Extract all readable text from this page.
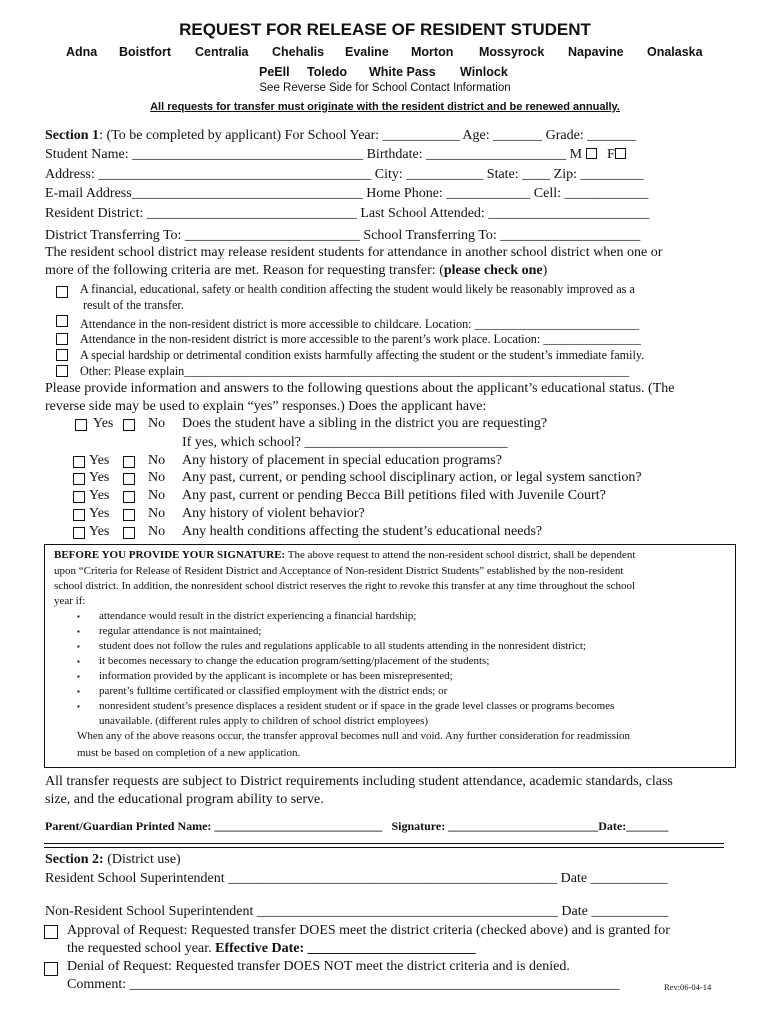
REQUEST FOR RELEASE OF RESIDENT STUDENT
Adna Boistfort Centralia Chehalis Evaline Morton Mossyrock Napavine Onalaska
PeEll Toledo White Pass Winlock
See Reverse Side for School Contact Information
All requests for transfer must originate with the resident district and be renewed annually.
Section 1: (To be completed by applicant) For School Year: ___________ Age: _______ Grade: _______
Student Name: _________________________________ Birthdate: ____________________ M F
Address: _______________________________________ City: ___________ State: ____ Zip: _________
E-mail Address_________________________________ Home Phone: ____________ Cell: ____________
Resident District: ______________________________ Last School Attended: _______________________
District Transferring To: _________________________ School Transferring To: ____________________
The resident school district may release resident students for attendance in another school district when one or
more of the following criteria are met. Reason for requesting transfer: (please check one)
A financial, educational, safety or health condition affecting the student would likely be reasonably improved as a
result of the transfer.
Attendance in the non-resident district is more accessible to childcare. Location: ___________________________
Attendance in the non-resident district is more accessible to the parent’s work place. Location: ________________
A special hardship or detrimental condition exists harmfully affecting the student or the student’s immediate family.
Other: Please explain_________________________________________________________________________
Please provide information and answers to the following questions about the applicant’s educational status. (The
reverse side may be used to explain “yes” responses.) Does the applicant have:
Yes No Does the student have a sibling in the district you are requesting?
If yes, which school? _____________________________
Yes	No Any history of placement in special education programs?
Yes	No Any past, current, or pending school disciplinary action, or legal system sanction?
Yes	No Any past, current or pending Becca Bill petitions filed with Juvenile Court?
Yes	No Any history of violent behavior?
Yes	No Any health conditions affecting the student’s educational needs?
BEFORE YOU PROVIDE YOUR SIGNATURE: The above request to attend the non-resident school district, shall be dependent
upon “Criteria for Release of Resident District and Acceptance of Non-resident District Students” established by the non-resident
school district. In addition, the nonresident school district reserves the right to revoke this transfer at any time throughout the school
year if:
▪ attendance would result in the district experiencing a financial hardship;
▪ regular attendance is not maintained;
▪ student does not follow the rules and regulations applicable to all students attending in the nonresident district;
▪ it becomes necessary to change the education program/setting/placement of the students;
▪ information provided by the applicant is incomplete or has been misrepresented;
▪ parent’s fulltime certificated or classified employment with the district ends; or
▪ nonresident student’s presence displaces a resident student or if space in the grade level classes or programs becomes
unavailable. (different rules apply to children of school district employees)
When any of the above reasons occur, the transfer approval becomes null and void. Any further consideration for readmission
must be based on completion of a new application.
All transfer requests are subject to District requirements including student attendance, academic standards, class
size, and the educational program ability to serve.
Parent/Guardian Printed Name: ____________________________ Signature: _________________________Date:_______
Section 2: (District use)
Resident School Superintendent _______________________________________________ Date ___________
Non-Resident School Superintendent ___________________________________________ Date ___________
Approval of Request: Requested transfer DOES meet the district criteria (checked above) and is granted for
the requested school year. Effective Date: ________________________
Denial of Request: Requested transfer DOES NOT meet the district criteria and is denied.
Comment: ______________________________________________________________________	Rev:06-04-14
